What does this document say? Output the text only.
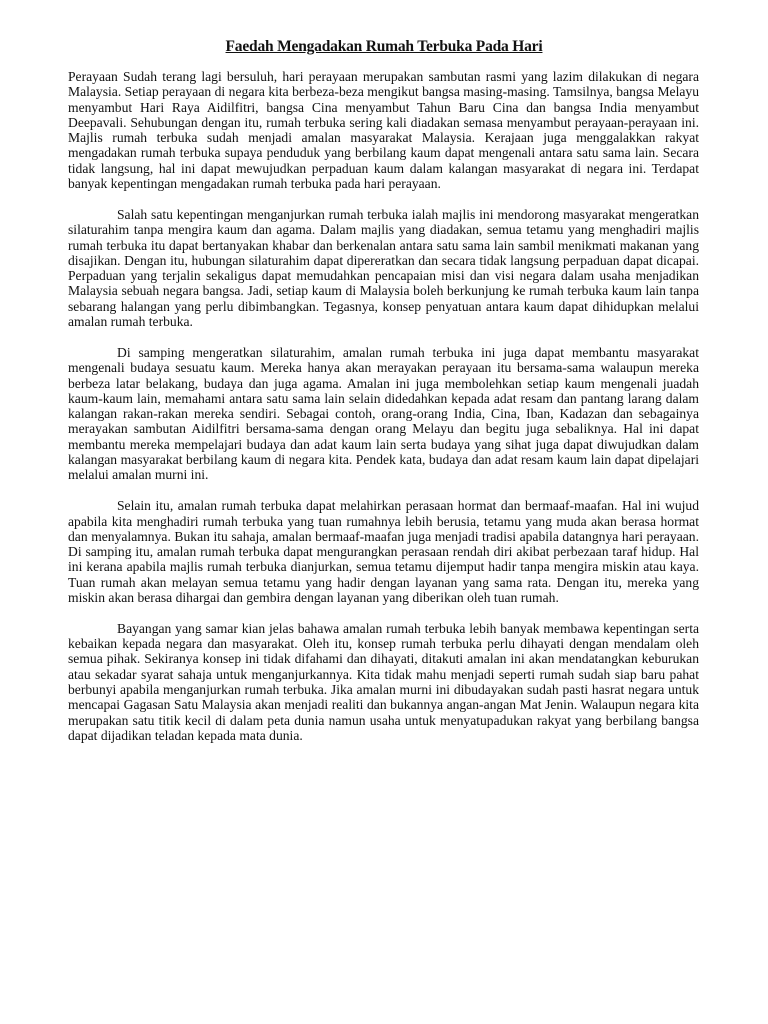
Faedah Mengadakan Rumah Terbuka Pada Hari

Perayaan Sudah terang lagi bersuluh, hari perayaan merupakan sambutan rasmi yang lazim dilakukan di negara Malaysia. Setiap perayaan di negara kita berbeza-beza mengikut bangsa masing-masing. Tamsilnya, bangsa Melayu menyambut Hari Raya Aidilfitri, bangsa Cina menyambut Tahun Baru Cina dan bangsa India menyambut Deepavali. Sehubungan dengan itu, rumah terbuka sering kali diadakan semasa menyambut perayaan-perayaan ini. Majlis rumah terbuka sudah menjadi amalan masyarakat Malaysia. Kerajaan juga menggalakkan rakyat mengadakan rumah terbuka supaya penduduk yang berbilang kaum dapat mengenali antara satu sama lain. Secara tidak langsung, hal ini dapat mewujudkan perpaduan kaum dalam kalangan masyarakat di negara ini. Terdapat banyak kepentingan mengadakan rumah terbuka pada hari perayaan.

Salah satu kepentingan menganjurkan rumah terbuka ialah majlis ini mendorong masyarakat mengeratkan silaturahim tanpa mengira kaum dan agama. Dalam majlis yang diadakan, semua tetamu yang menghadiri majlis rumah terbuka itu dapat bertanyakan khabar dan berkenalan antara satu sama lain sambil menikmati makanan yang disajikan. Dengan itu, hubungan silaturahim dapat dipereratkan dan secara tidak langsung perpaduan dapat dicapai. Perpaduan yang terjalin sekaligus dapat memudahkan pencapaian misi dan visi negara dalam usaha menjadikan Malaysia sebuah negara bangsa. Jadi, setiap kaum di Malaysia boleh berkunjung ke rumah terbuka kaum lain tanpa sebarang halangan yang perlu dibimbangkan. Tegasnya, konsep penyatuan antara kaum dapat dihidupkan melalui amalan rumah terbuka.

Di samping mengeratkan silaturahim, amalan rumah terbuka ini juga dapat membantu masyarakat mengenali budaya sesuatu kaum. Mereka hanya akan merayakan perayaan itu bersama-sama walaupun mereka berbeza latar belakang, budaya dan juga agama. Amalan ini juga membolehkan setiap kaum mengenali juadah kaum-kaum lain, memahami antara satu sama lain selain didedahkan kepada adat resam dan pantang larang dalam kalangan rakan-rakan mereka sendiri. Sebagai contoh, orang-orang India, Cina, Iban, Kadazan dan sebagainya merayakan sambutan Aidilfitri bersama-sama dengan orang Melayu dan begitu juga sebaliknya. Hal ini dapat membantu mereka mempelajari budaya dan adat kaum lain serta budaya yang sihat juga dapat diwujudkan dalam kalangan masyarakat berbilang kaum di negara kita. Pendek kata, budaya dan adat resam kaum lain dapat dipelajari melalui amalan murni ini.

Selain itu, amalan rumah terbuka dapat melahirkan perasaan hormat dan bermaaf-maafan. Hal ini wujud apabila kita menghadiri rumah terbuka yang tuan rumahnya lebih berusia, tetamu yang muda akan berasa hormat dan menyalamnya. Bukan itu sahaja, amalan bermaaf-maafan juga menjadi tradisi apabila datangnya hari perayaan. Di samping itu, amalan rumah terbuka dapat mengurangkan perasaan rendah diri akibat perbezaan taraf hidup. Hal ini kerana apabila majlis rumah terbuka dianjurkan, semua tetamu dijemput hadir tanpa mengira miskin atau kaya. Tuan rumah akan melayan semua tetamu yang hadir dengan layanan yang sama rata. Dengan itu, mereka yang miskin akan berasa dihargai dan gembira dengan layanan yang diberikan oleh tuan rumah.

Bayangan yang samar kian jelas bahawa amalan rumah terbuka lebih banyak membawa kepentingan serta kebaikan kepada negara dan masyarakat. Oleh itu, konsep rumah terbuka perlu dihayati dengan mendalam oleh semua pihak. Sekiranya konsep ini tidak difahami dan dihayati, ditakuti amalan ini akan mendatangkan keburukan atau sekadar syarat sahaja untuk menganjurkannya. Kita tidak mahu menjadi seperti rumah sudah siap baru pahat berbunyi apabila menganjurkan rumah terbuka. Jika amalan murni ini dibudayakan sudah pasti hasrat negara untuk mencapai Gagasan Satu Malaysia akan menjadi realiti dan bukannya angan-angan Mat Jenin. Walaupun negara kita merupakan satu titik kecil di dalam peta dunia namun usaha untuk menyatupadukan rakyat yang berbilang bangsa dapat dijadikan teladan kepada mata dunia.
